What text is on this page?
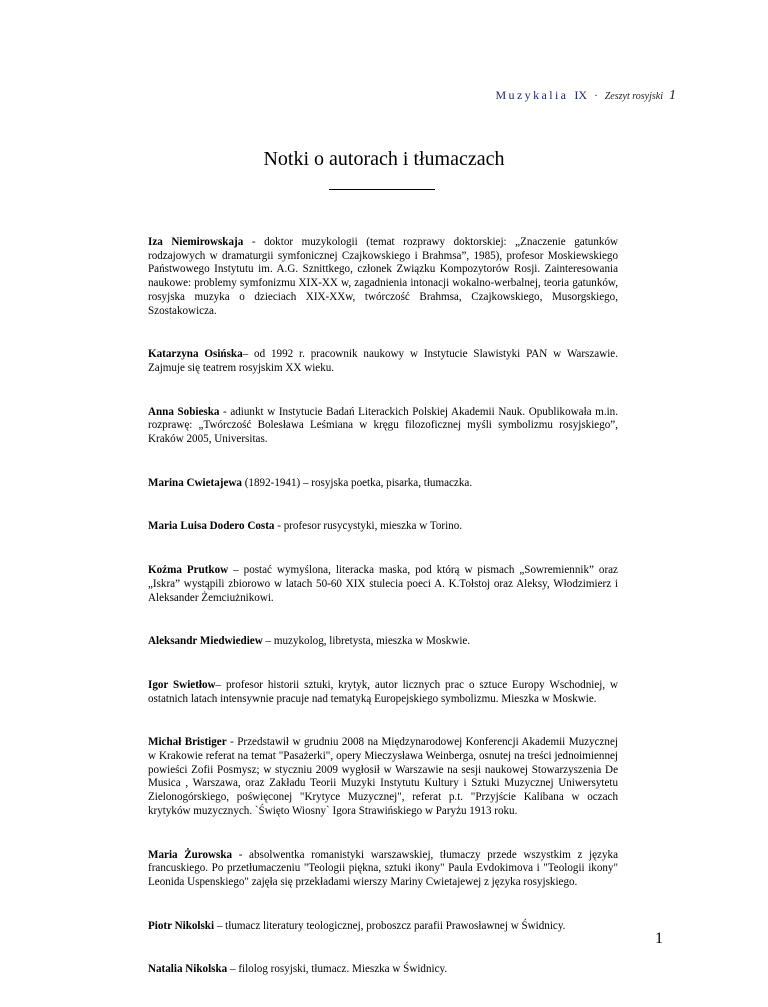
Muzykalia IX · Zeszyt rosyjski 1
Notki o autorach i tłumaczach

Iza Niemirowskaja - doktor muzykologii (temat rozprawy doktorskiej: „Znaczenie gatunków rodzajowych w dramaturgii symfonicznej Czajkowskiego i Brahmsa”, 1985), profesor Moskiewskiego Państwowego Instytutu im. A.G. Sznittkego, członek Związku Kompozytorów Rosji. Zainteresowania naukowe: problemy symfonizmu XIX-XX w, zagadnienia intonacji wokalno-werbalnej, teoria gatunków, rosyjska muzyka o dzieciach XIX-XXw, twórczość Brahmsa, Czajkowskiego, Musorgskiego, Szostakowicza.

Katarzyna Osińska– od 1992 r. pracownik naukowy w Instytucie Slawistyki PAN w Warszawie. Zajmuje się teatrem rosyjskim XX wieku.

Anna Sobieska - adiunkt w Instytucie Badań Literackich Polskiej Akademii Nauk. Opublikowała m.in. rozprawę: „Twórczość Bolesława Leśmiana w kręgu filozoficznej myśli symbolizmu rosyjskiego”, Kraków 2005, Universitas.

Marina Cwietajewa (1892-1941) – rosyjska poetka, pisarka, tłumaczka.

Maria Luisa Dodero Costa - profesor rusycystyki, mieszka w Torino.

Koźma Prutkow – postać wymyślona, literacka maska, pod którą w pismach „Sowremiennik” oraz „Iskra” wystąpili zbiorowo w latach 50-60 XIX stulecia poeci A. K.Tołstoj oraz Aleksy, Włodzimierz i Aleksander Żemciużnikowi.

Aleksandr Miedwiediew – muzykolog, libretysta, mieszka w Moskwie.

Igor Swietłow– profesor historii sztuki, krytyk, autor licznych prac o sztuce Europy Wschodniej, w ostatnich latach intensywnie pracuje nad tematyką Europejskiego symbolizmu. Mieszka w Moskwie.

Michał Bristiger - Przedstawił w grudniu 2008 na Międzynarodowej Konferencji Akademii Muzycznej w Krakowie referat na temat "Pasażerki", opery Mieczysława Weinberga, osnutej na treści jednoimiennej powieści Zofii Posmysz; w styczniu 2009 wygłosił w Warszawie na sesji naukowej Stowarzyszenia De Musica , Warszawa, oraz Zakładu Teorii Muzyki Instytutu Kultury i Sztuki Muzycznej Uniwersytetu Zielonogórskiego, poświęconej "Krytyce Muzycznej", referat p.t. "Przyjście Kalibana w oczach krytyków muzycznych. `Święto Wiosny` Igora Strawińskiego w Paryżu 1913 roku.

Maria Żurowska - absolwentka romanistyki warszawskiej, tłumaczy przede wszystkim z języka francuskiego. Po przetłumaczeniu "Teologii piękna, sztuki ikony" Paula Evdokimova i "Teologii ikony" Leonida Uspenskiego" zajęła się przekładami wierszy Mariny Cwietajewej z języka rosyjskiego.

Piotr Nikolski – tłumacz literatury teologicznej, proboszcz parafii Prawosławnej w Świdnicy.

Natalia Nikolska – filolog rosyjski, tłumacz. Mieszka w Świdnicy.

1
